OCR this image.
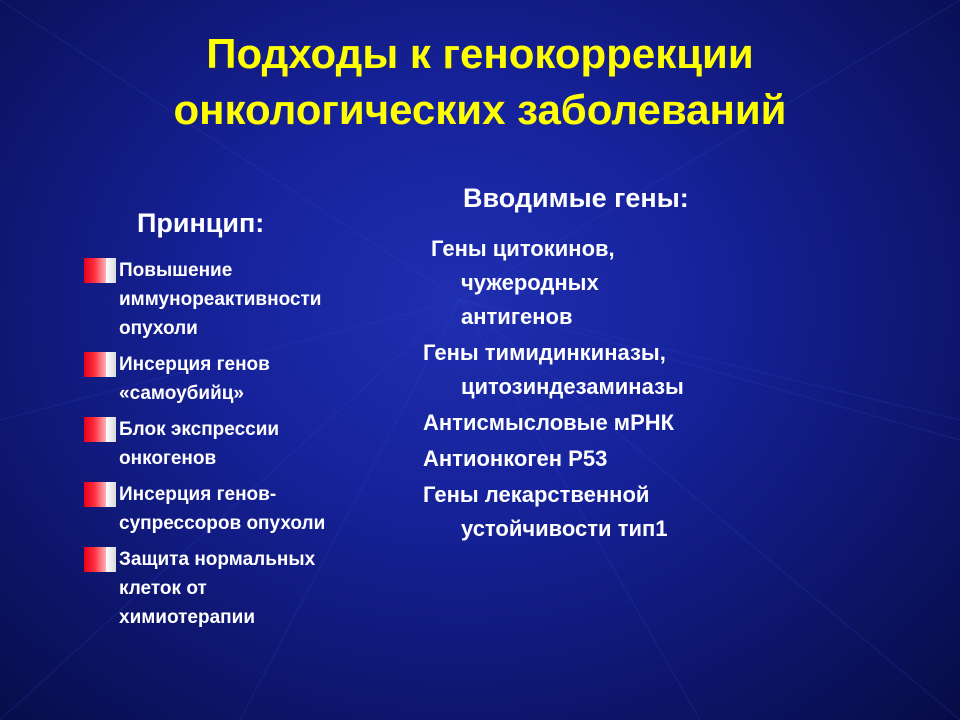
Подходы к генокоррекции
онкологических заболеваний
Принцип:
Повышение
иммунореактивности
опухоли
Инсерция генов
«самоубийц»
Блок экспрессии
онкогенов
Инсерция генов-
супрессоров опухоли
Защита нормальных
клеток от
химиотерапии
Вводимые гены:
Гены цитокинов,
чужеродных
антигенов
Гены тимидинкиназы,
цитозиндезаминазы
Антисмысловые мРНК
Антионкоген Р53
Гены лекарственной
устойчивости тип1
